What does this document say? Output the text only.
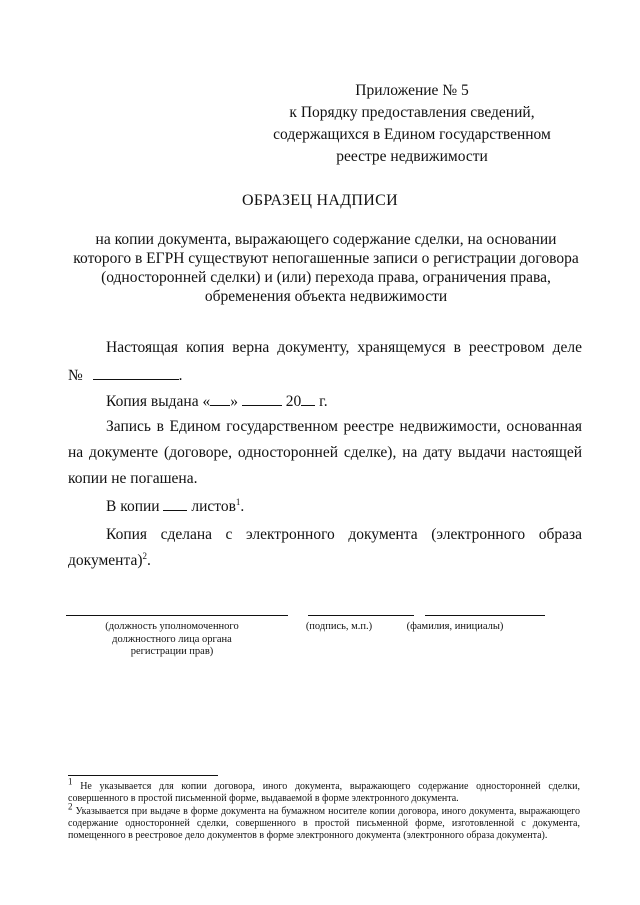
Приложение № 5
к Порядку предоставления сведений,
содержащихся в Едином государственном
реестре недвижимости
ОБРАЗЕЦ НАДПИСИ
на копии документа, выражающего содержание сделки, на основании которого в ЕГРН существуют непогашенные записи о регистрации договора (односторонней сделки) и (или) перехода права, ограничения права, обременения объекта недвижимости
Настоящая копия верна документу, хранящемуся в реестровом деле
№	.
Копия выдана « »	20 г.
Запись в Едином государственном реестре недвижимости, основанная на документе (договоре, односторонней сделке), на дату выдачи настоящей копии не погашена.
В копии листов$^1$.
Копия сделана с электронного документа (электронного образа документа)$^2$.
(должность уполномоченного должностного лица органа регистрации прав)
(подпись, м.п.)	(фамилия, инициалы)
$^1$ Не указывается для копии договора, иного документа, выражающего содержание односторонней сделки, совершенного в простой письменной форме, выдаваемой в форме электронного документа.
$^2$ Указывается при выдаче в форме документа на бумажном носителе копии договора, иного документа, выражающего содержание односторонней сделки, совершенного в простой письменной форме, изготовленной с документа, помещенного в реестровое дело документов в форме электронного документа (электронного образа документа).
